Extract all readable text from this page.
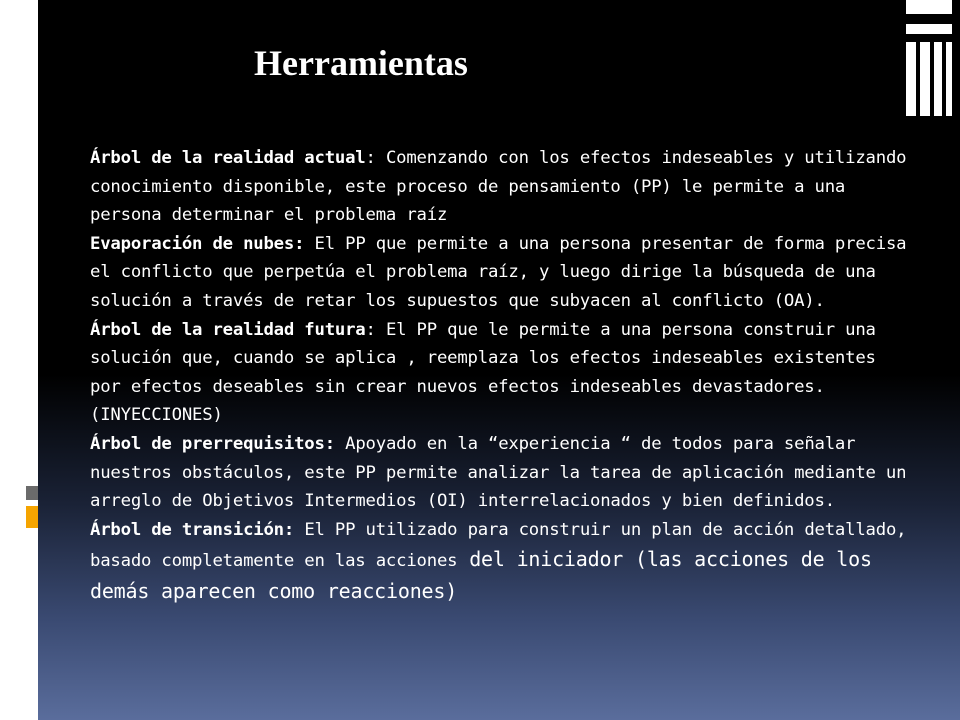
Herramientas

Árbol de la realidad actual: Comenzando con los efectos indeseables y utilizando conocimiento disponible, este proceso de pensamiento (PP) le permite a una persona determinar el problema raíz

Evaporación de nubes: El PP que permite a una persona presentar de forma precisa el conflicto que perpetúa el problema raíz, y luego dirige la búsqueda de una solución a través de retar los supuestos que subyacen al conflicto (OA).

Árbol de la realidad futura: El PP que le permite a una persona construir una solución que, cuando se aplica , reemplaza los efectos indeseables existentes por efectos deseables sin crear nuevos efectos indeseables devastadores. (INYECCIONES)

Árbol de prerrequisitos: Apoyado en la “experiencia “ de todos para señalar nuestros obstáculos, este PP permite analizar la tarea de aplicación mediante un arreglo de Objetivos Intermedios (OI) interrelacionados y bien definidos.

Árbol de transición: El PP utilizado para construir un plan de acción detallado, basado completamente en las acciones del iniciador (las acciones de los demás aparecen como reacciones)
